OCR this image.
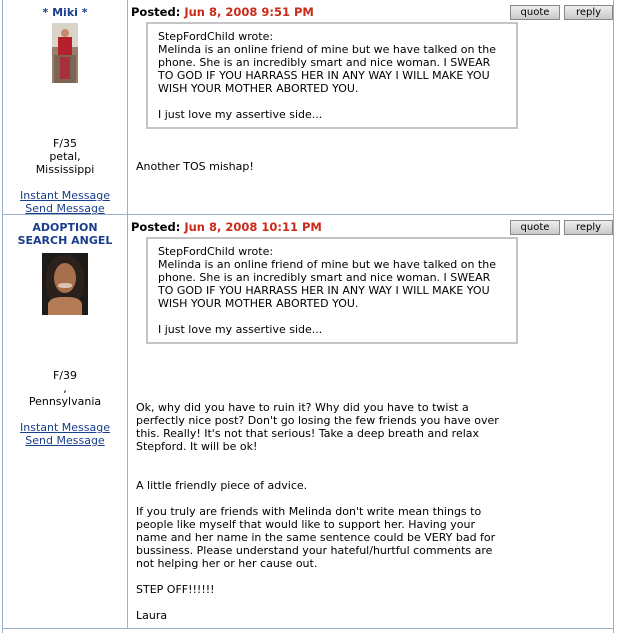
* Miki *
F/35
petal,
Mississippi
Instant Message
Send Message
Posted: Jun 8, 2008 9:51 PM	quote	reply

StepFordChild wrote:

Melinda is an online friend of mine but we have talked on the phone. She is an incredibly smart and nice woman. I SWEAR TO GOD IF YOU HARRASS HER IN ANY WAY I WILL MAKE YOU WISH YOUR MOTHER ABORTED YOU.

I just love my assertive side...

Another TOS mishap!

ADOPTION SEARCH ANGEL
F/39
,
Pennsylvania
Instant Message
Send Message
Posted: Jun 8, 2008 10:11 PM	quote	reply

StepFordChild wrote:

Melinda is an online friend of mine but we have talked on the phone. She is an incredibly smart and nice woman. I SWEAR TO GOD IF YOU HARRASS HER IN ANY WAY I WILL MAKE YOU WISH YOUR MOTHER ABORTED YOU.

I just love my assertive side...

Ok, why did you have to ruin it? Why did you have to twist a perfectly nice post? Don't go losing the few friends you have over this. Really! It's not that serious! Take a deep breath and relax Stepford. It will be ok!

A little friendly piece of advice.

If you truly are friends with Melinda don't write mean things to people like myself that would like to support her. Having your name and her name in the same sentence could be VERY bad for bussiness. Please understand your hateful/hurtful comments are not helping her or her cause out.

STEP OFF!!!!!!

Laura
